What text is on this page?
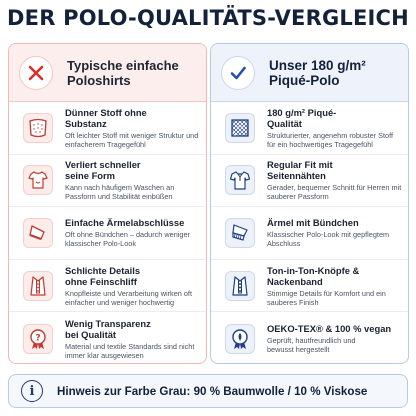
DER POLO-QUALITÄTS-VERGLEICH
Typische einfache Poloshirts
Dünner Stoff ohne Substanz
Oft leichter Stoff mit weniger Struktur und einfacherem Tragegefühl
Verliert schneller seine Form
Kann nach häufigem Waschen an Passform und Stabilität einbüßen
Einfache Ärmelabschlüsse
Oft ohne Bündchen – dadurch weniger klassischer Polo-Look
Schlichte Details ohne Feinschliff
Knopfleiste und Verarbeitung wirken oft einfacher und weniger hochwertig
?
Wenig Transparenz bei Qualität
Material und textile Standards sind nicht immer klar ausgewiesen
Unser 180 g/m² Piqué-Polo
180 g/m² Piqué-Qualität
Strukturierter, angenehm robuster Stoff für ein hochwertiges Tragegefühl
Regular Fit mit Seitennähten
Gerader, bequemer Schnitt für Herren mit sauberer Passform
Ärmel mit Bündchen
Klassischer Polo-Look mit gepflegtem Abschluss
Ton-in-Ton-Knöpfe & Nackenband
Stimmige Details für Komfort und ein sauberes Finish
OEKO-TEX® & 100 % vegan
Geprüft, hautfreundlich und bewusst hergestellt
i	Hinweis zur Farbe Grau: 90 % Baumwolle / 10 % Viskose
